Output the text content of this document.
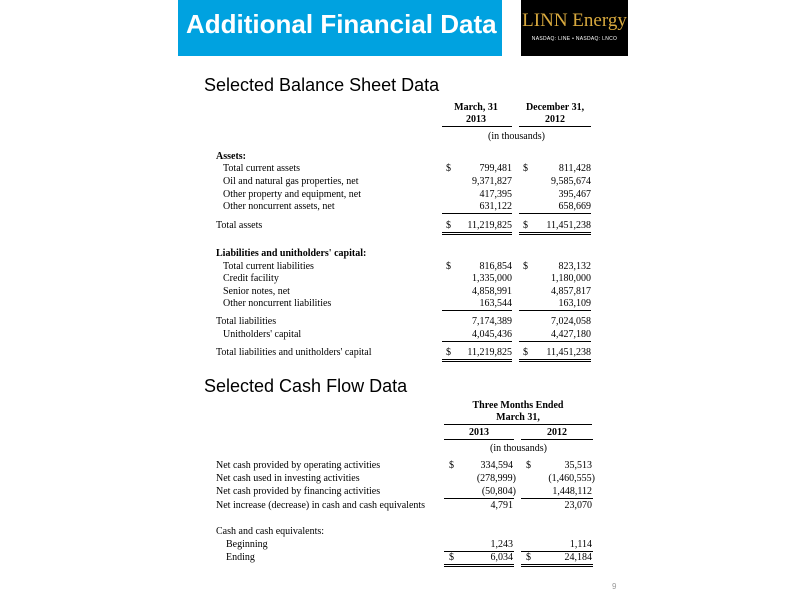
Additional Financial Data LINN Energy
NASDAQ: LINE • NASDAQ: LNCO
Selected Balance Sheet Data
March, 31
2013
December 31,
2012
(in thousands)
Assets:
Total current assets	$	799,481 $	811,428
Oil and natural gas properties, net	9,371,827	9,585,674
Other property and equipment, net	417,395	395,467
Other noncurrent assets, net	631,122	658,669
Total assets	$	11,219,825 $	11,451,238
Liabilities and unitholders' capital:
Total current liabilities	$	816,854 $	823,132
Credit facility	1,335,000	1,180,000
Senior notes, net	4,858,991	4,857,817
Other noncurrent liabilities	163,544	163,109
Total liabilities	7,174,389	7,024,058
Unitholders' capital	4,045,436	4,427,180
Total liabilities and unitholders' capital	$	11,219,825 $	11,451,238
Selected Cash Flow Data
Three Months Ended
March 31,
2013	2012
(in thousands)
Net cash provided by operating activities	$	334,594 $	35,513
Net cash used in investing activities	(278,999)	(1,460,555)
Net cash provided by financing activities	(50,804)	1,448,112
Net increase (decrease) in cash and cash equivalents	4,791	23,070
Cash and cash equivalents:
Beginning	1,243	1,114
Ending	$	6,034 $	24,184
9
